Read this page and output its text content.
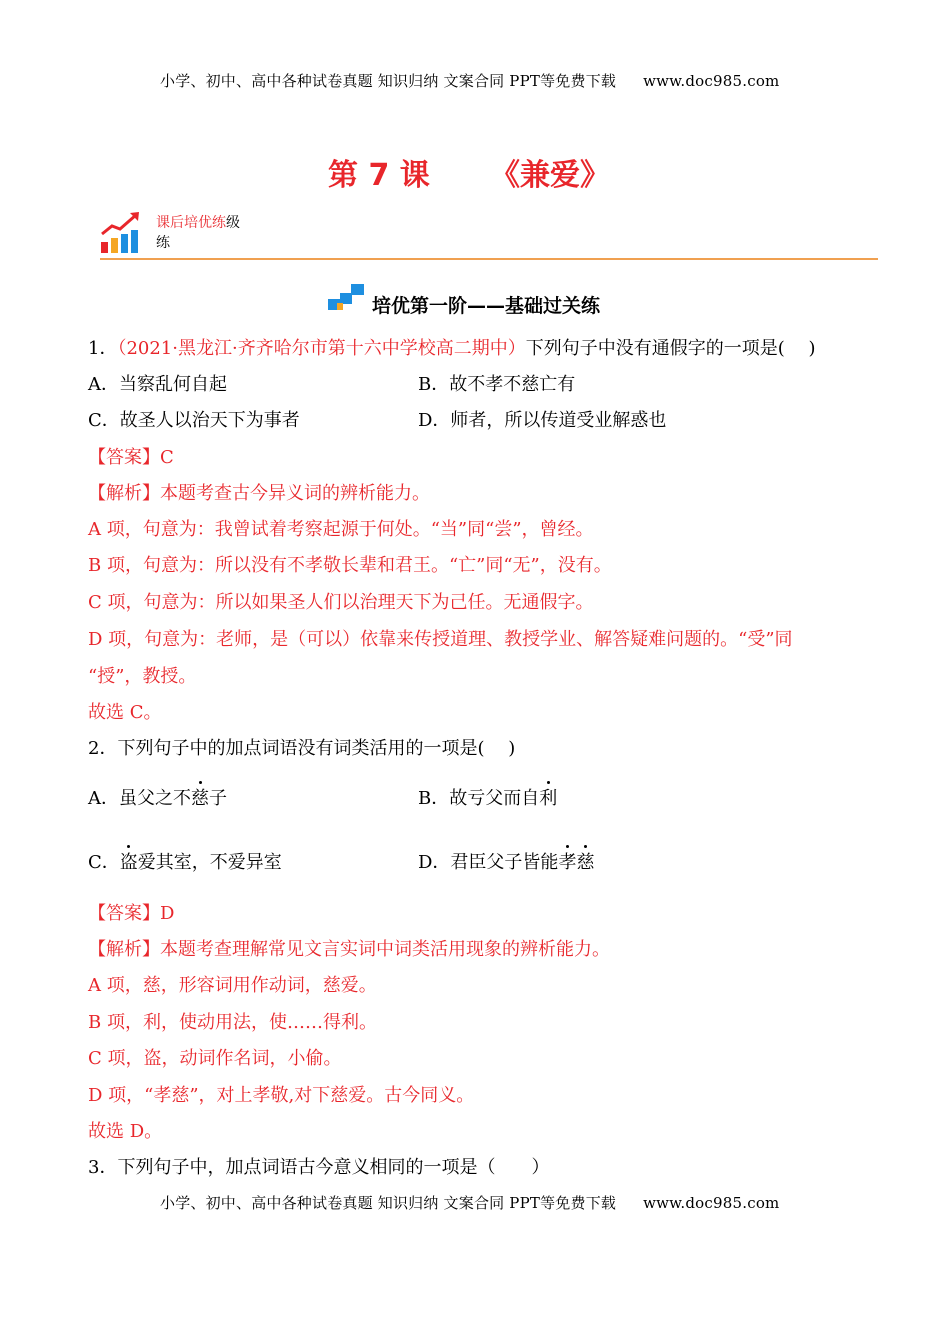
小学、初中、高中各种试卷真题 知识归纳 文案合同 PPT等免费下载 www.doc985.com
第 7 课 《兼爱》
课后培优练级
练
培优第一阶——基础过关练
1．（2021·黑龙江·齐齐哈尔市第十六中学校高二期中）下列句子中没有通假字的一项是(　 )
A．当察乱何自起	B．故不孝不慈亡有
C．故圣人以治天下为事者	D．师者，所以传道受业解惑也
【答案】C
【解析】本题考查古今异义词的辨析能力。
A 项，句意为：我曾试着考察起源于何处。“当”同“尝”，曾经。
B 项，句意为：所以没有不孝敬长辈和君王。“亡”同“无”，没有。
C 项，句意为：所以如果圣人们以治理天下为己任。无通假字。
D 项，句意为：老师，是（可以）依靠来传授道理、教授学业、解答疑难问题的。“受”同
“授”，教授。
故选 C。
2．下列句子中的加点词语没有词类活用的一项是(　 )
A．虽父之不慈子	B．故亏父而自利
C．盗爱其室，不爱异室	D．君臣父子皆能孝慈
【答案】D
【解析】本题考查理解常见文言实词中词类活用现象的辨析能力。
A 项，慈，形容词用作动词，慈爱。
B 项，利，使动用法，使……得利。
C 项，盗，动词作名词，小偷。
D 项，“孝慈”，对上孝敬,对下慈爱。古今同义。
故选 D。
3．下列句子中，加点词语古今意义相同的一项是（　　）
小学、初中、高中各种试卷真题 知识归纳 文案合同 PPT等免费下载 www.doc985.com
